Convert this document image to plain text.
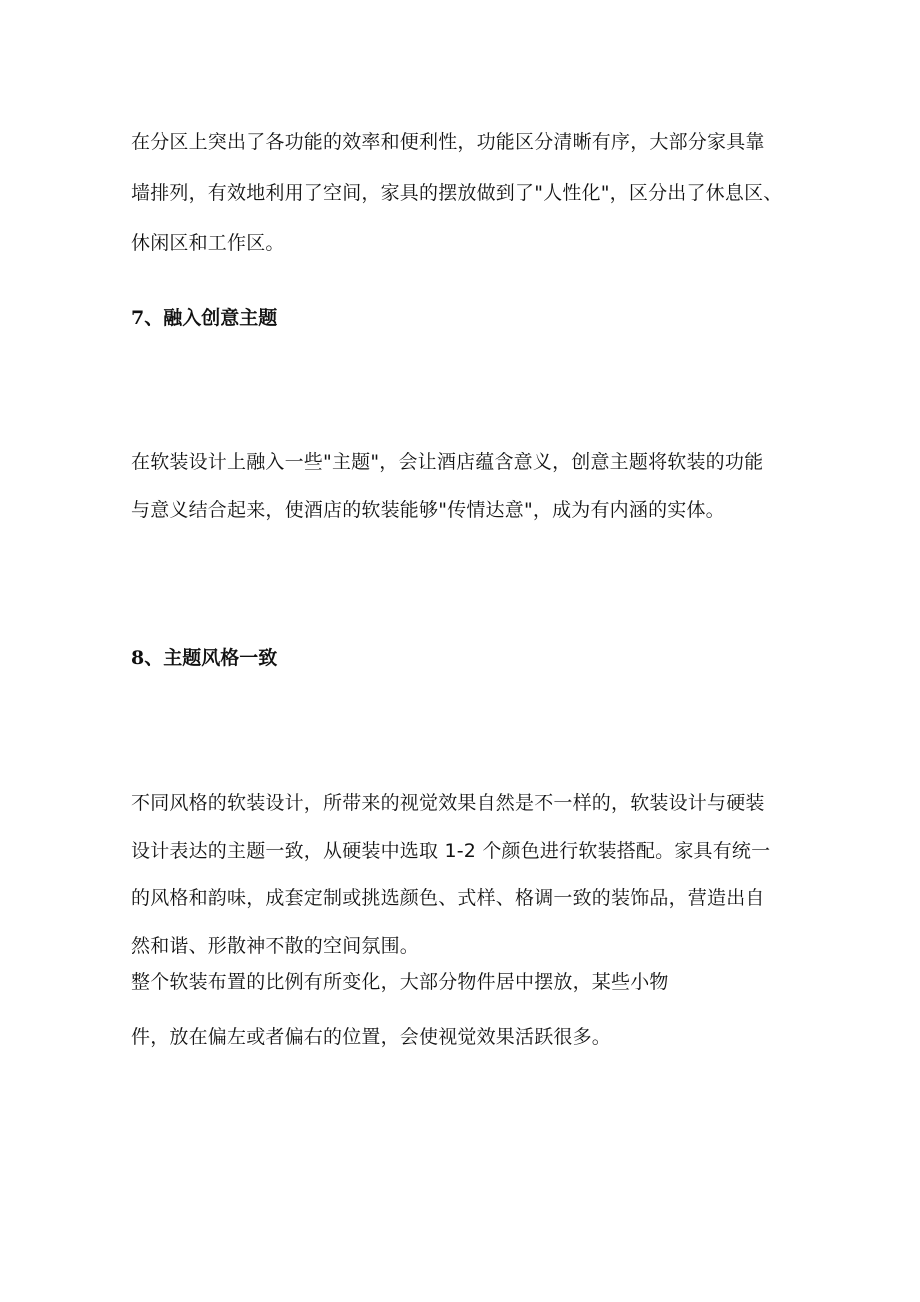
在分区上突出了各功能的效率和便利性，功能区分清晰有序，大部分家具靠
墙排列，有效地利用了空间，家具的摆放做到了"人性化"，区分出了休息区、
休闲区和工作区。
7、融入创意主题
在软装设计上融入一些"主题"，会让酒店蕴含意义，创意主题将软装的功能
与意义结合起来，使酒店的软装能够"传情达意"，成为有内涵的实体。
8、主题风格一致
不同风格的软装设计，所带来的视觉效果自然是不一样的，软装设计与硬装
设计表达的主题一致，从硬装中选取 1-2 个颜色进行软装搭配。家具有统一
的风格和韵味，成套定制或挑选颜色、式样、格调一致的装饰品，营造出自
然和谐、形散神不散的空间氛围。
整个软装布置的比例有所变化，大部分物件居中摆放，某些小物
件，放在偏左或者偏右的位置，会使视觉效果活跃很多。
